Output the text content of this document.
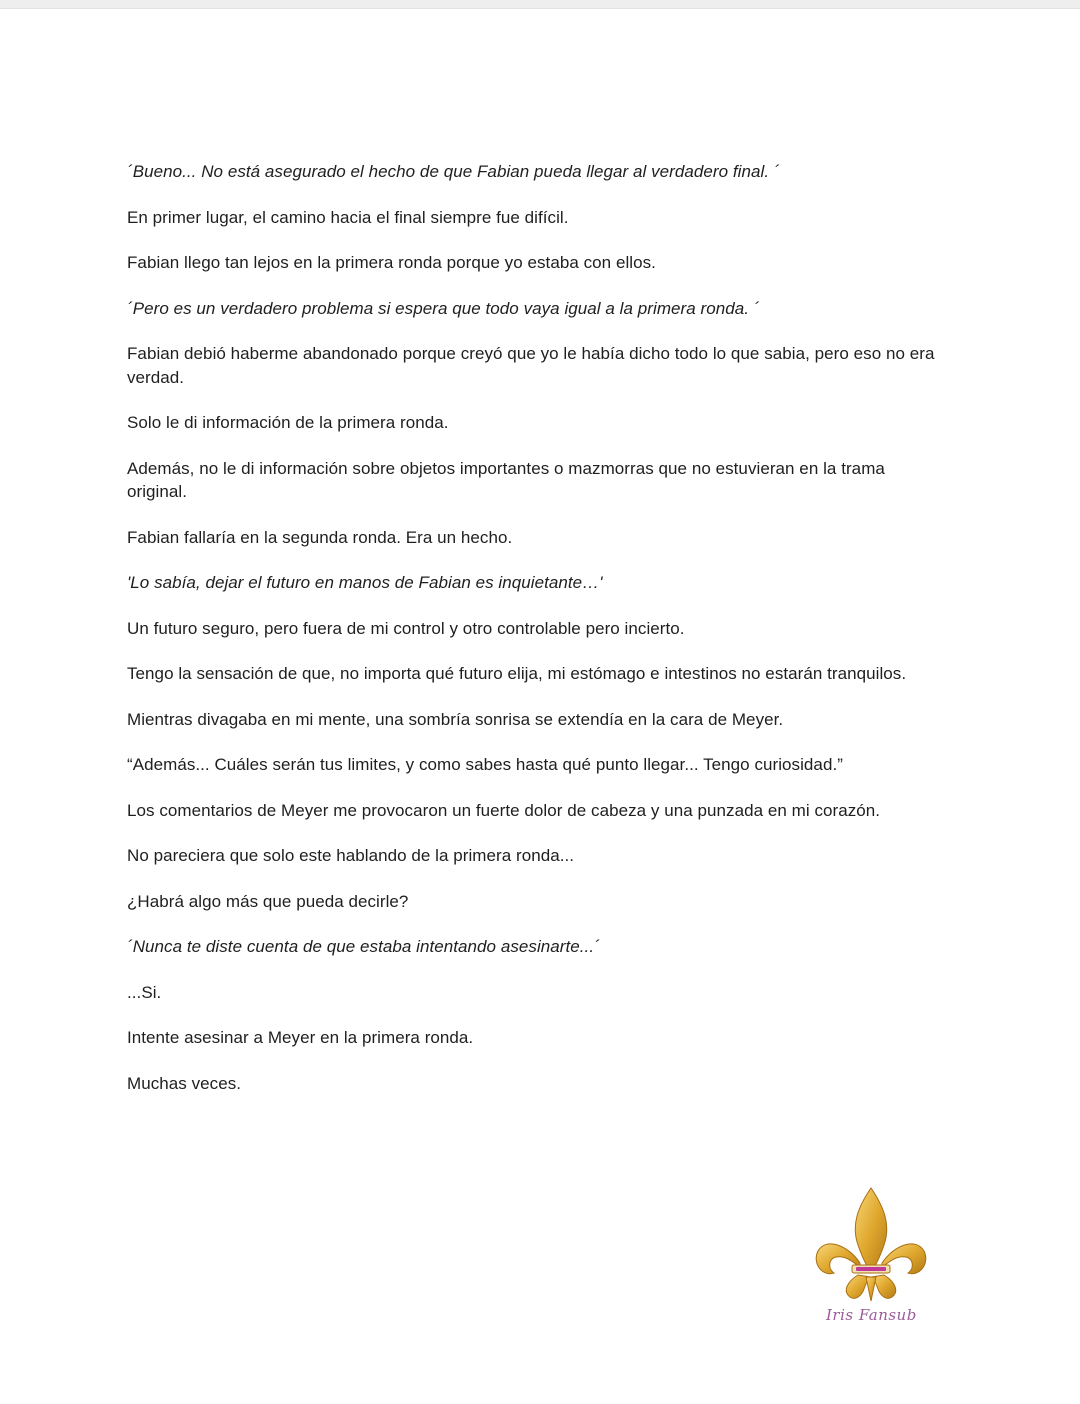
´Bueno... No está asegurado el hecho de que Fabian pueda llegar al verdadero final. ´

En primer lugar, el camino hacia el final siempre fue difícil.

Fabian llego tan lejos en la primera ronda porque yo estaba con ellos.

´Pero es un verdadero problema si espera que todo vaya igual a la primera ronda. ´

Fabian debió haberme abandonado porque creyó que yo le había dicho todo lo que sabia, pero eso no era verdad.

Solo le di información de la primera ronda.

Además, no le di información sobre objetos importantes o mazmorras que no estuvieran en la trama original.

Fabian fallaría en la segunda ronda. Era un hecho.

'Lo sabía, dejar el futuro en manos de Fabian es inquietante…'

Un futuro seguro, pero fuera de mi control y otro controlable pero incierto.

Tengo la sensación de que, no importa qué futuro elija, mi estómago e intestinos no estarán tranquilos.

Mientras divagaba en mi mente, una sombría sonrisa se extendía en la cara de Meyer.

“Además... Cuáles serán tus limites, y como sabes hasta qué punto llegar... Tengo curiosidad.”

Los comentarios de Meyer me provocaron un fuerte dolor de cabeza y una punzada en mi corazón.

No pareciera que solo este hablando de la primera ronda...

¿Habrá algo más que pueda decirle?

´Nunca te diste cuenta de que estaba intentando asesinarte...´

...Si.

Intente asesinar a Meyer en la primera ronda.

Muchas veces.

Iris Fansub
